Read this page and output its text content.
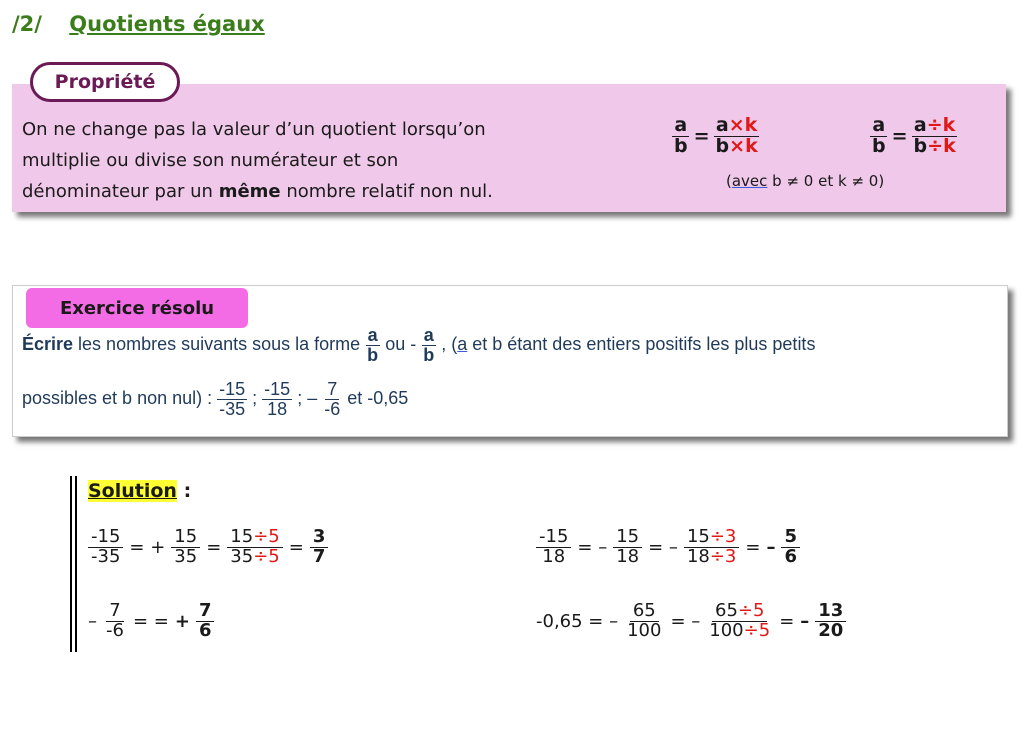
/2/ Quotients égaux
Propriété
On ne change pas la valeur d’un quotient lorsqu’on
multiplie ou divise son numérateur et son
dénominateur par un même nombre relatif non nul.
$\frac{a}{b} = \frac{a\times k}{b\times k}$	$\frac{a}{b} = \frac{a\div k}{b\div k}$
(avec b ≠ 0 et k ≠ 0)
Exercice résolu
Écrire les nombres suivants sous la forme $\frac{a}{b}$ ou - $\frac{a}{b}$ , (a et b étant des entiers positifs les plus petits
possibles et b non nul) : $\frac{-15}{-35}$ ; $\frac{-15}{18}$ ; – $\frac{7}{-6}$ et -0,65
Solution :
$\frac{-15}{-35}$ = + $\frac{15}{35} = \frac{15\div 5}{35\div 5} = \frac{3}{7}$	$\frac{-15}{18}$ = – $\frac{15}{18}$ = – $\frac{15\div 3}{18\div 3}$ = – $\frac{5}{6}$
– $\frac{7}{-6}$ = = + $\frac{7}{6}$	-0,65 = – $\frac{65}{100}$ = – $\frac{65\div 5}{100\div 5}$ = – $\frac{13}{20}$
